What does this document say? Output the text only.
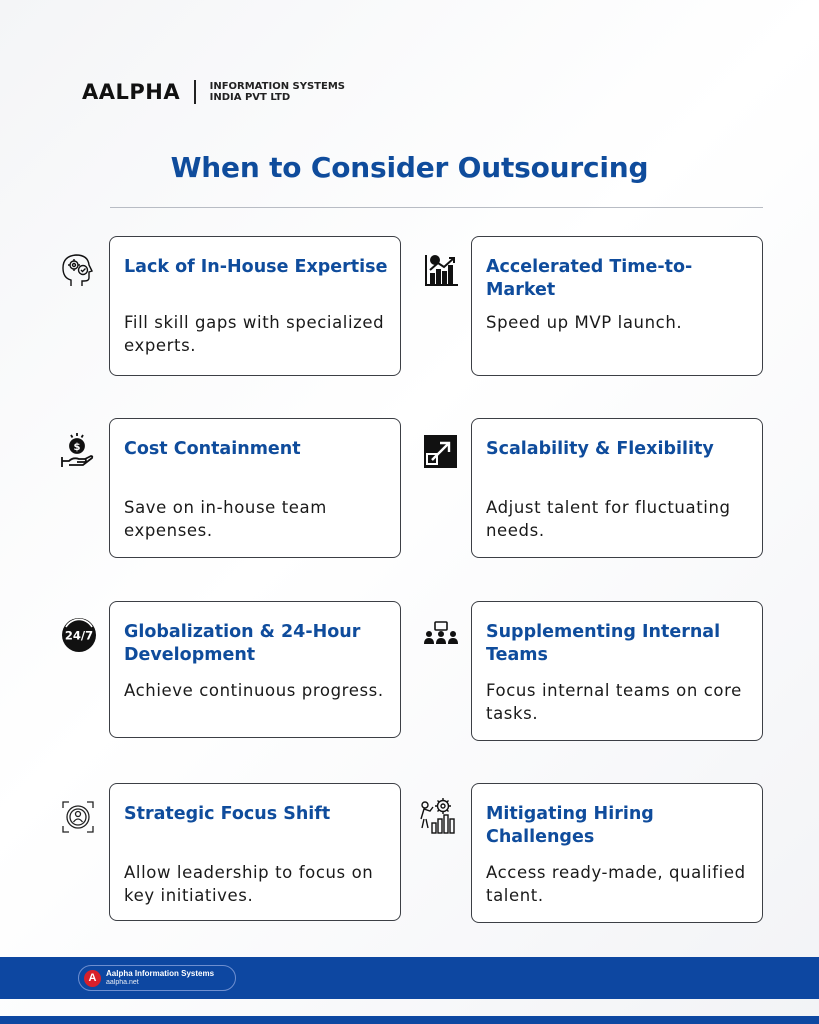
AALPHA	INFORMATION SYSTEMS
INDIA PVT LTD
When to Consider Outsourcing
Lack of In-House Expertise
Fill skill gaps with specialized experts.
Accelerated Time-to-Market
Speed up MVP launch.
$ Cost Containment
Save on in-house team expenses.
Scalability & Flexibility
Adjust talent for fluctuating needs.
24/7 Globalization & 24-Hour Development
Achieve continuous progress.
Supplementing Internal Teams
Focus internal teams on core tasks.
Strategic Focus Shift
Allow leadership to focus on key initiatives.
Mitigating Hiring Challenges
Access ready-made, qualified talent.
A	Aalpha Information Systems
aalpha.net
